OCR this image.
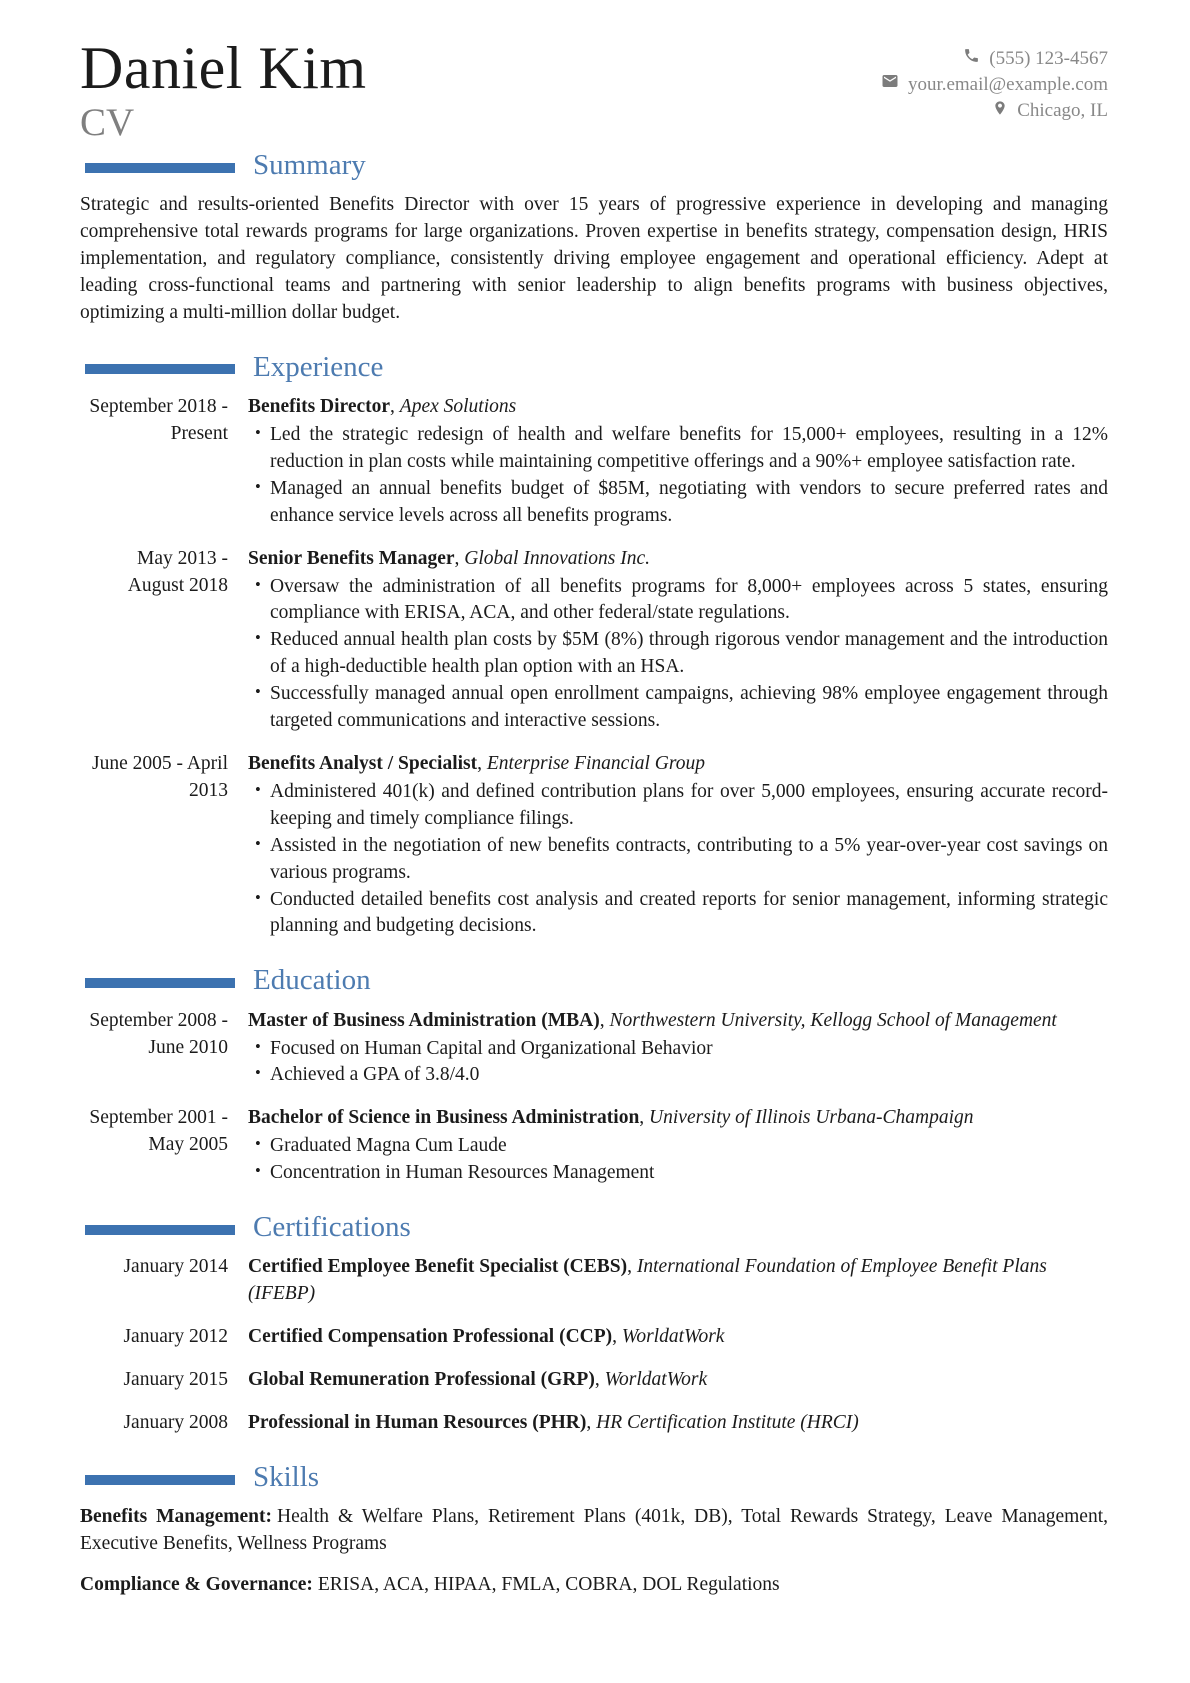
Daniel Kim
CV
(555) 123-4567
your.email@example.com
Chicago, IL
Summary

Strategic and results-oriented Benefits Director with over 15 years of progressive experience in developing and managing comprehensive total rewards programs for large organizations. Proven expertise in benefits strategy, compensation design, HRIS implementation, and regulatory compliance, consistently driving employee engagement and operational efficiency. Adept at leading cross-functional teams and partnering with senior leadership to align benefits programs with business objectives, optimizing a multi-million dollar budget.

Experience
September 2018 - Present

Benefits Director , Apex Solutions

• Led the strategic redesign of health and welfare benefits for 15,000+ employees, resulting in a 12% reduction in plan costs while maintaining competitive offerings and a 90%+ employee satisfaction rate.
• Managed an annual benefits budget of $85M, negotiating with vendors to secure preferred rates and enhance service levels across all benefits programs.
May 2013 - August 2018

Senior Benefits Manager , Global Innovations Inc.

• Oversaw the administration of all benefits programs for 8,000+ employees across 5 states, ensuring compliance with ERISA, ACA, and other federal/state regulations.
• Reduced annual health plan costs by $5M (8%) through rigorous vendor management and the introduction of a high-deductible health plan option with an HSA.
• Successfully managed annual open enrollment campaigns, achieving 98% employee engagement through targeted communications and interactive sessions.
June 2005 - April 2013

Benefits Analyst / Specialist , Enterprise Financial Group

• Administered 401(k) and defined contribution plans for over 5,000 employees, ensuring accurate record-keeping and timely compliance filings.
• Assisted in the negotiation of new benefits contracts, contributing to a 5% year-over-year cost savings on various programs.
• Conducted detailed benefits cost analysis and created reports for senior management, informing strategic planning and budgeting decisions.
Education
September 2008 - June 2010

Master of Business Administration (MBA) , Northwestern University, Kellogg School of Management

• Focused on Human Capital and Organizational Behavior
• Achieved a GPA of 3.8/4.0
September 2001 - May 2005

Bachelor of Science in Business Administration , University of Illinois Urbana-Champaign

• Graduated Magna Cum Laude
• Concentration in Human Resources Management
Certifications
January 2014 Certified Employee Benefit Specialist (CEBS) , International Foundation of Employee Benefit Plans (IFEBP)

January 2012 Certified Compensation Professional (CCP) , WorldatWork

January 2015 Global Remuneration Professional (GRP) , WorldatWork

January 2008 Professional in Human Resources (PHR) , HR Certification Institute (HRCI)

Skills

Benefits Management: Health & Welfare Plans, Retirement Plans (401k, DB), Total Rewards Strategy, Leave Management, Executive Benefits, Wellness Programs

Compliance & Governance: ERISA, ACA, HIPAA, FMLA, COBRA, DOL Regulations
